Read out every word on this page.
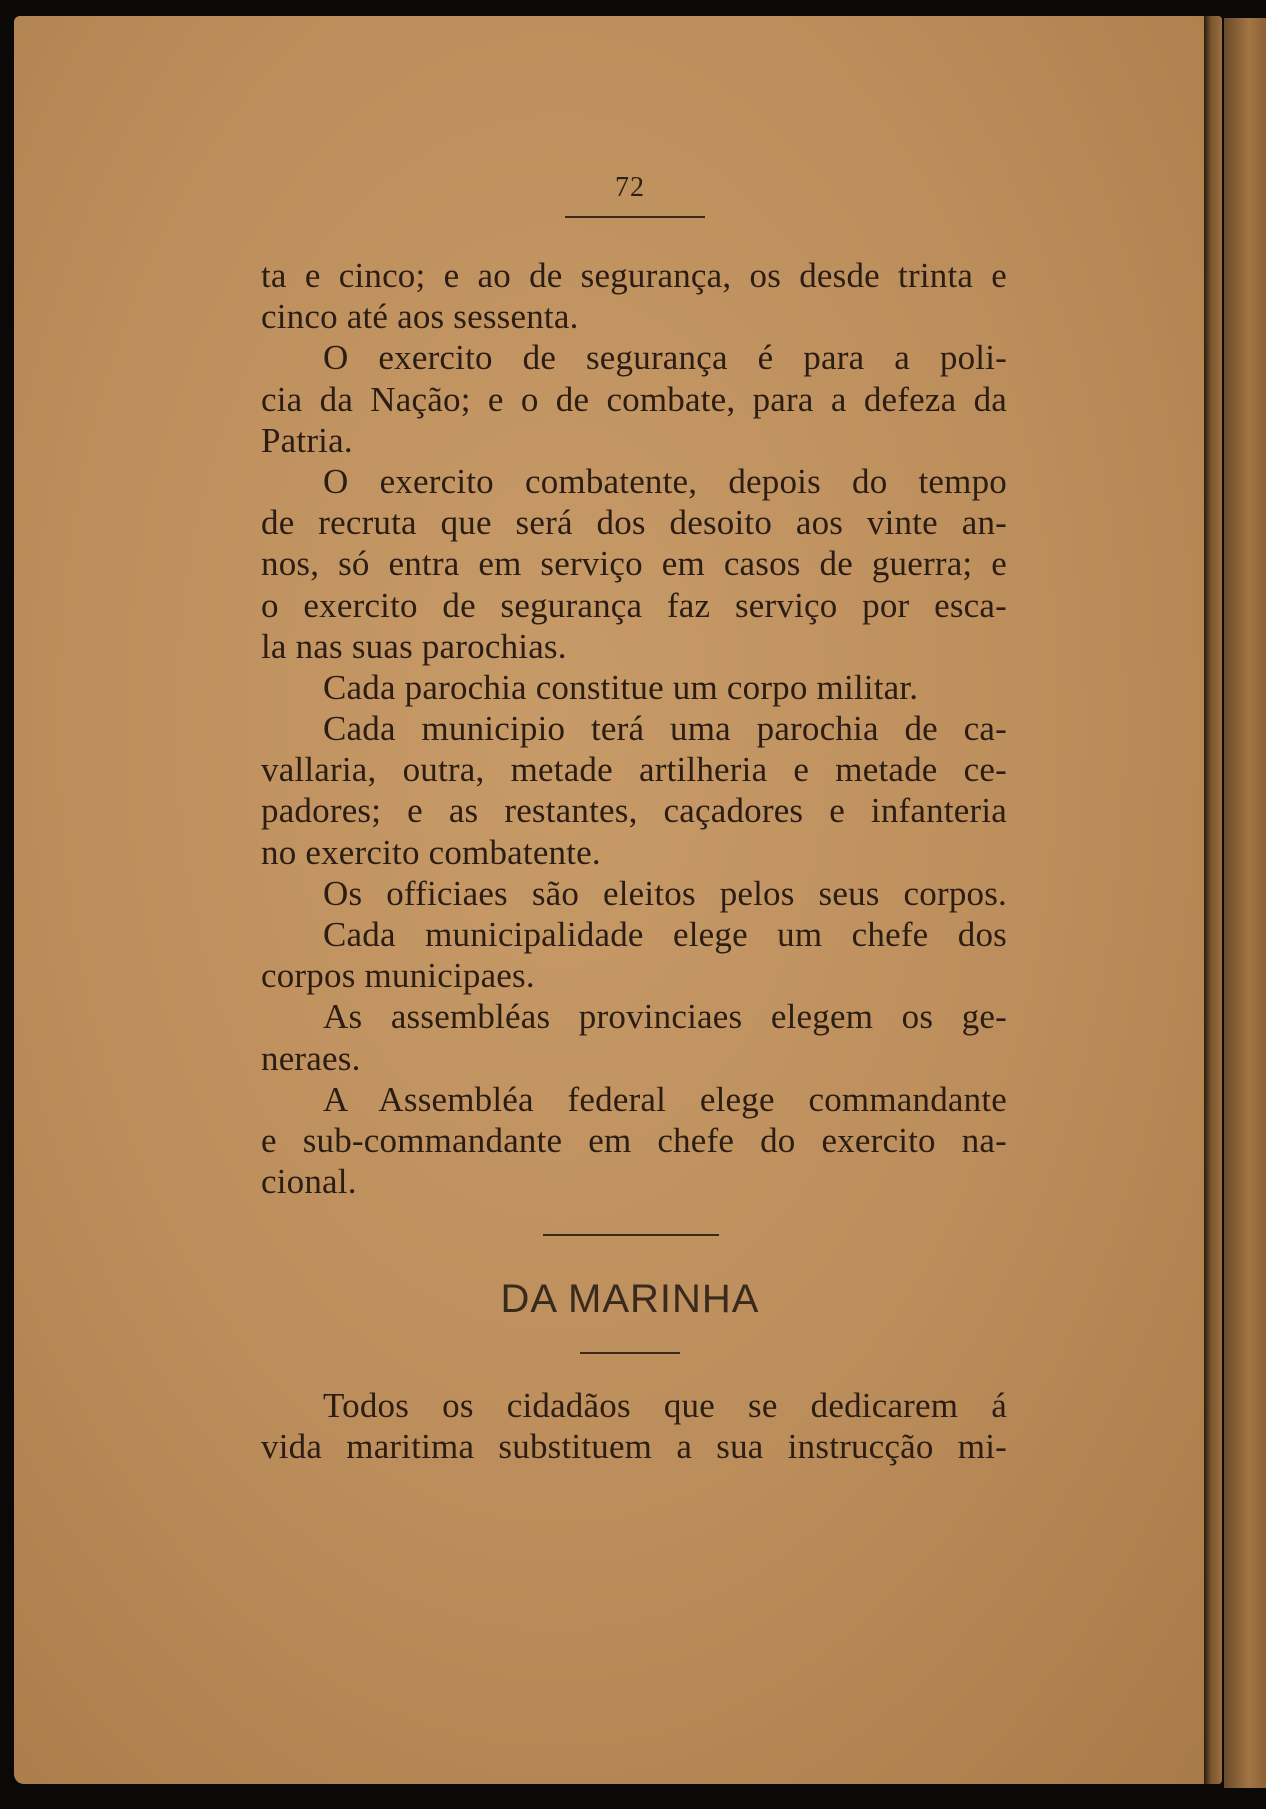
72
ta e cinco; e ao de segurança, os desde trinta e
cinco até aos sessenta.
O exercito de segurança é para a poli-
cia da Nação; e o de combate, para a defeza da
Patria.
O exercito combatente, depois do tempo
de recruta que será dos desoito aos vinte an-
nos, só entra em serviço em casos de guerra; e
o exercito de segurança faz serviço por esca-
la nas suas parochias.
Cada parochia constitue um corpo militar.
Cada municipio terá uma parochia de ca-
vallaria, outra, metade artilheria e metade ce-
padores; e as restantes, caçadores e infanteria
no exercito combatente.
Os officiaes são eleitos pelos seus corpos.
Cada municipalidade elege um chefe dos
corpos municipaes.
As assembléas provinciaes elegem os ge-
neraes.
A Assembléa federal elege commandante
e sub-commandante em chefe do exercito na-
cional.
DA MARINHA
Todos os cidadãos que se dedicarem á
vida maritima substituem a sua instrucção mi-
